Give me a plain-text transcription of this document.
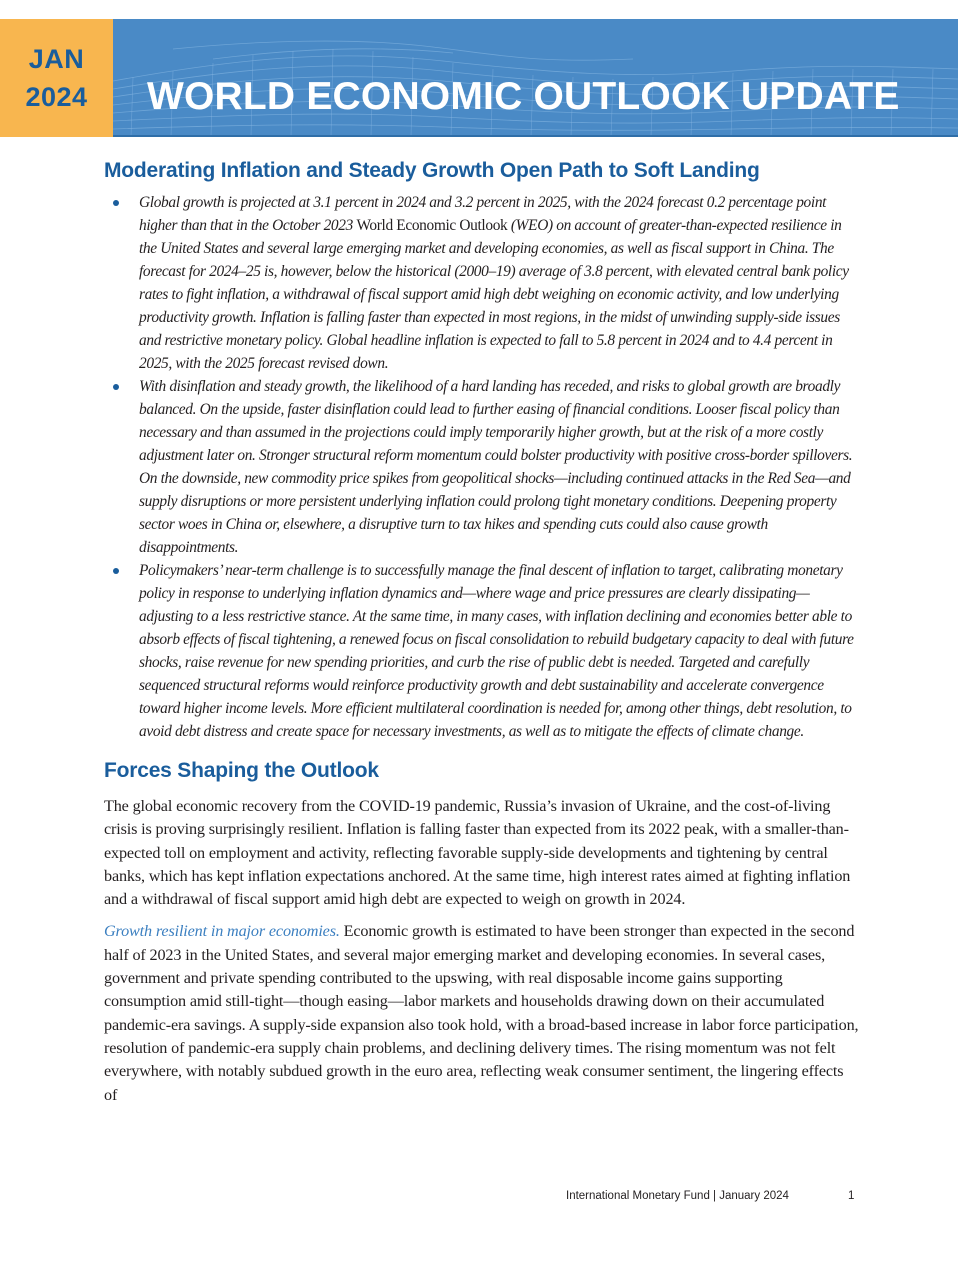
JAN
2024 WORLD ECONOMIC OUTLOOK UPDATE
Moderating Inflation and Steady Growth Open Path to Soft Landing
Global growth is projected at 3.1 percent in 2024 and 3.2 percent in 2025, with the 2024 forecast 0.2 percentage point higher than that in the October 2023 World Economic Outlook (WEO) on account of greater-than-expected resilience in the United States and several large emerging market and developing economies, as well as fiscal support in China. The forecast for 2024–25 is, however, below the historical (2000–19) average of 3.8 percent, with elevated central bank policy rates to fight inflation, a withdrawal of fiscal support amid high debt weighing on economic activity, and low underlying productivity growth. Inflation is falling faster than expected in most regions, in the midst of unwinding supply-side issues and restrictive monetary policy. Global headline inflation is expected to fall to 5.8 percent in 2024 and to 4.4 percent in 2025, with the 2025 forecast revised down.
With disinflation and steady growth, the likelihood of a hard landing has receded, and risks to global growth are broadly balanced. On the upside, faster disinflation could lead to further easing of financial conditions. Looser fiscal policy than necessary and than assumed in the projections could imply temporarily higher growth, but at the risk of a more costly adjustment later on. Stronger structural reform momentum could bolster productivity with positive cross-border spillovers. On the downside, new commodity price spikes from geopolitical shocks—including continued attacks in the Red Sea—and supply disruptions or more persistent underlying inflation could prolong tight monetary conditions. Deepening property sector woes in China or, elsewhere, a disruptive turn to tax hikes and spending cuts could also cause growth disappointments.
Policymakers’ near-term challenge is to successfully manage the final descent of inflation to target, calibrating monetary policy in response to underlying inflation dynamics and—where wage and price pressures are clearly dissipating—adjusting to a less restrictive stance. At the same time, in many cases, with inflation declining and economies better able to absorb effects of fiscal tightening, a renewed focus on fiscal consolidation to rebuild budgetary capacity to deal with future shocks, raise revenue for new spending priorities, and curb the rise of public debt is needed. Targeted and carefully sequenced structural reforms would reinforce productivity growth and debt sustainability and accelerate convergence toward higher income levels. More efficient multilateral coordination is needed for, among other things, debt resolution, to avoid debt distress and create space for necessary investments, as well as to mitigate the effects of climate change.
Forces Shaping the Outlook

The global economic recovery from the COVID-19 pandemic, Russia’s invasion of Ukraine, and the cost-of-living crisis is proving surprisingly resilient. Inflation is falling faster than expected from its 2022 peak, with a smaller-than-expected toll on employment and activity, reflecting favorable supply-side developments and tightening by central banks, which has kept inflation expectations anchored. At the same time, high interest rates aimed at fighting inflation and a withdrawal of fiscal support amid high debt are expected to weigh on growth in 2024.

Growth resilient in major economies. Economic growth is estimated to have been stronger than expected in the second half of 2023 in the United States, and several major emerging market and developing economies. In several cases, government and private spending contributed to the upswing, with real disposable income gains supporting consumption amid still-tight—though easing—labor markets and households drawing down on their accumulated pandemic-era savings. A supply-side expansion also took hold, with a broad-based increase in labor force participation, resolution of pandemic-era supply chain problems, and declining delivery times. The rising momentum was not felt everywhere, with notably subdued growth in the euro area, reflecting weak consumer sentiment, the lingering effects of

International Monetary Fund | January 2024	1
